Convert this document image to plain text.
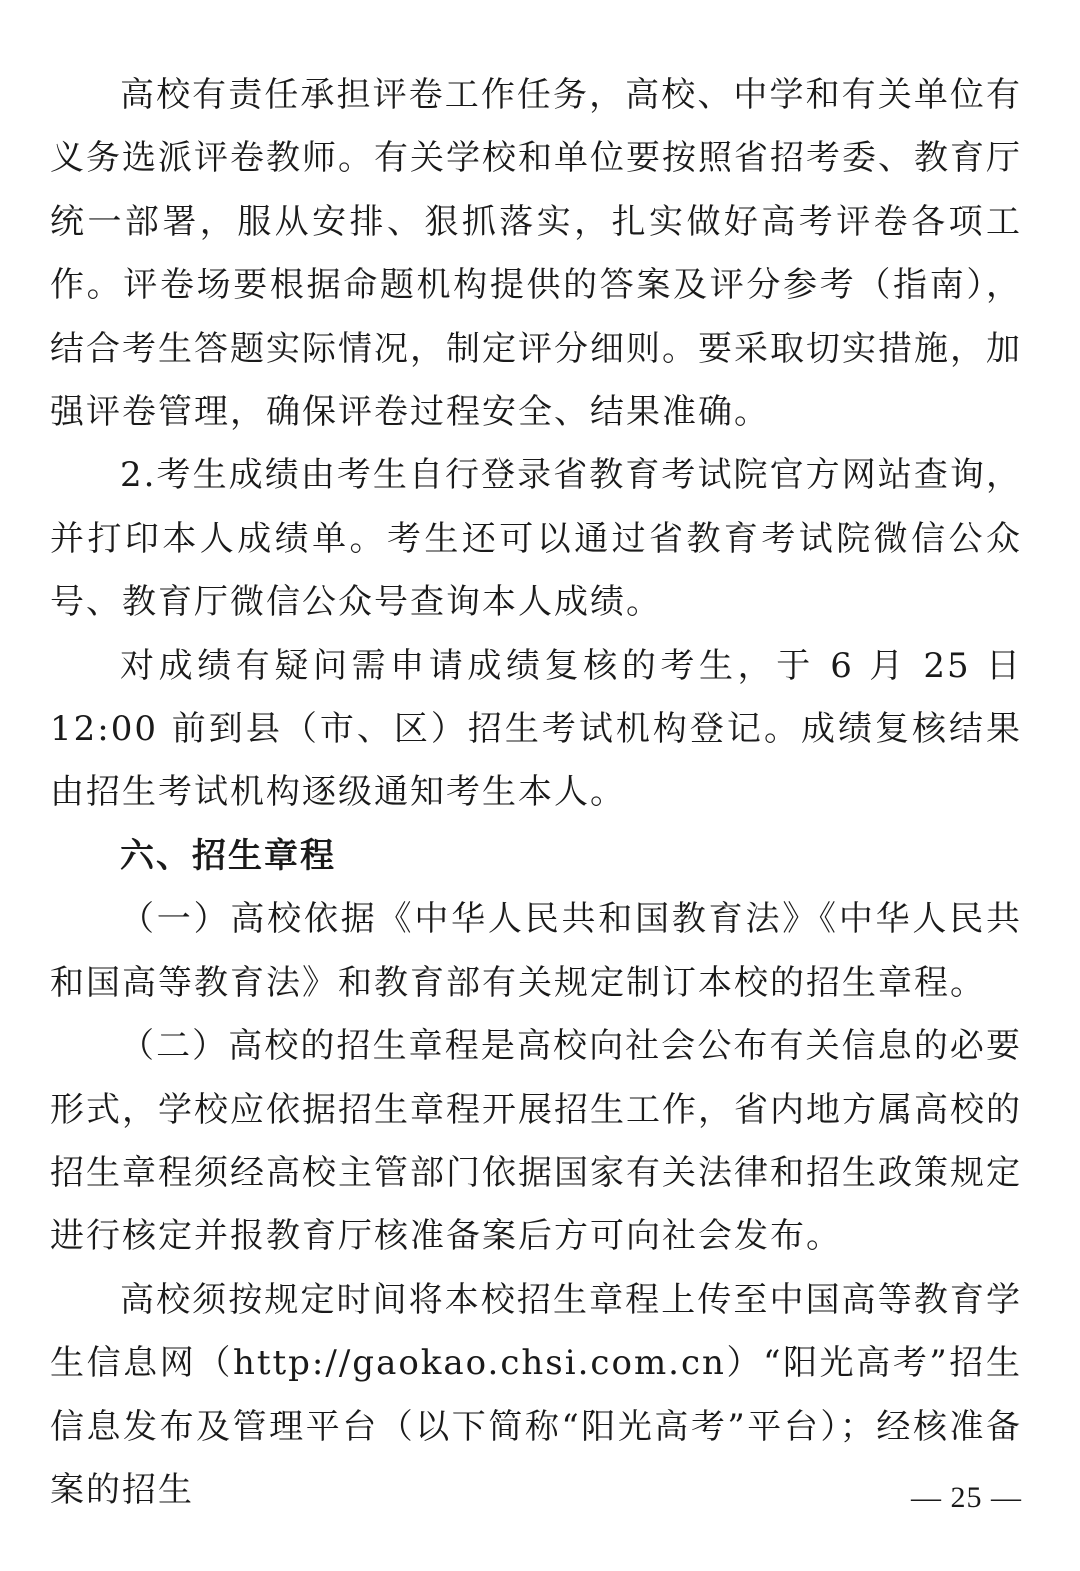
高校有责任承担评卷工作任务，高校、中学和有关单位有义务选派评卷教师。有关学校和单位要按照省招考委、教育厅统一部署，服从安排、狠抓落实，扎实做好高考评卷各项工作。评卷场要根据命题机构提供的答案及评分参考（指南），结合考生答题实际情况，制定评分细则。要采取切实措施，加强评卷管理，确保评卷过程安全、结果准确。

2.考生成绩由考生自行登录省教育考试院官方网站查询，并打印本人成绩单。考生还可以通过省教育考试院微信公众号、教育厅微信公众号查询本人成绩。

对成绩有疑问需申请成绩复核的考生，于 6 月 25 日 12:00 前到县（市、区）招生考试机构登记。成绩复核结果由招生考试机构逐级通知考生本人。

六、招生章程

（一）高校依据《中华人民共和国教育法》《中华人民共和国高等教育法》和教育部有关规定制订本校的招生章程。

（二）高校的招生章程是高校向社会公布有关信息的必要形式，学校应依据招生章程开展招生工作，省内地方属高校的招生章程须经高校主管部门依据国家有关法律和招生政策规定进行核定并报教育厅核准备案后方可向社会发布。

高校须按规定时间将本校招生章程上传至中国高等教育学生信息网（http://gaokao.chsi.com.cn）“阳光高考”招生信息发布及管理平台（以下简称“阳光高考”平台）；经核准备案的招生	— 25 —
